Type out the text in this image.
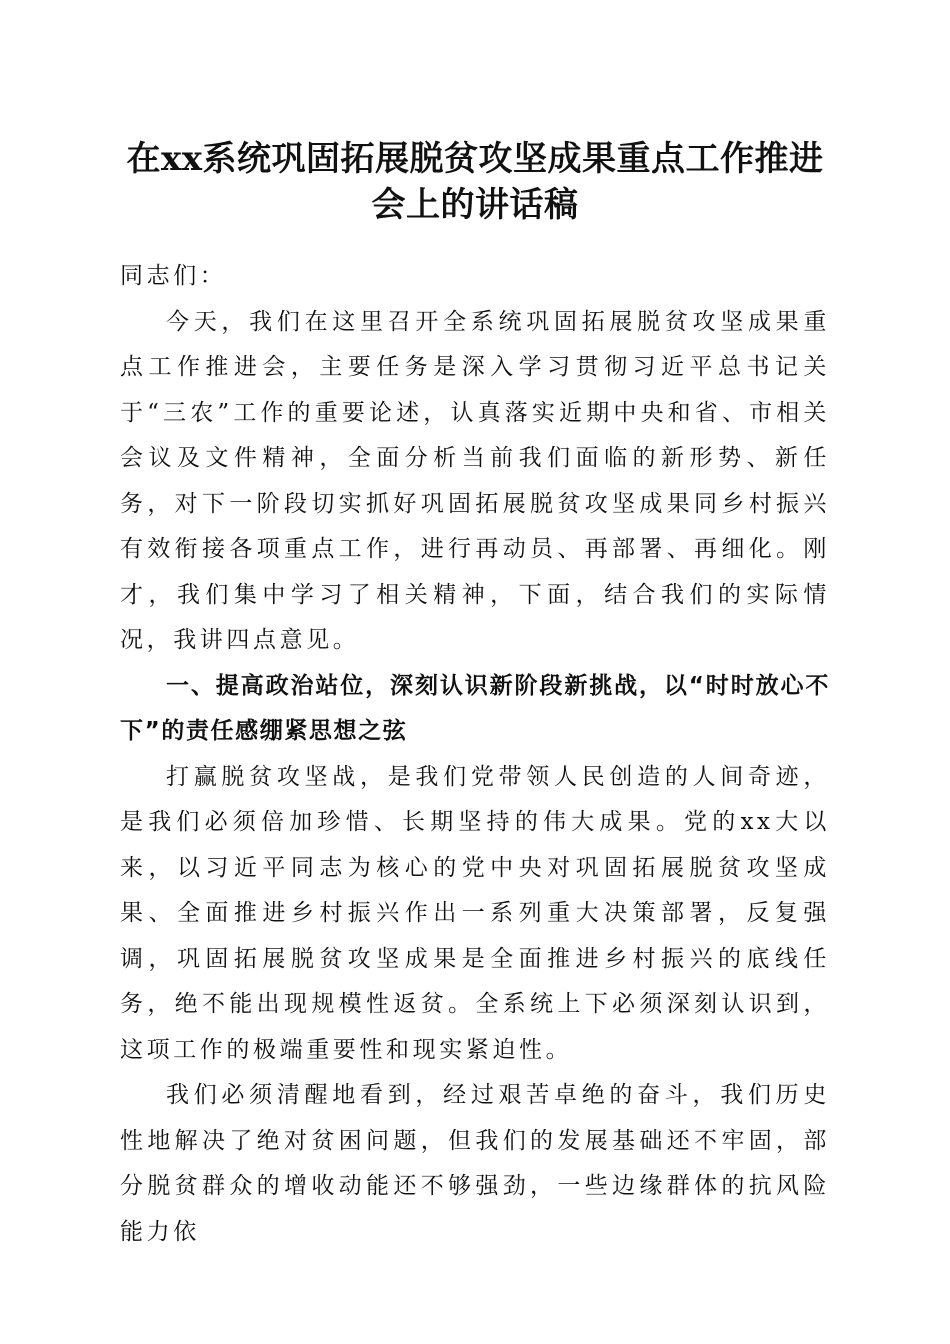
在xx系统巩固拓展脱贫攻坚成果重点工作推进会上的讲话稿

同志们：

今天，我们在这里召开全系统巩固拓展脱贫攻坚成果重点工作推进会，主要任务是深入学习贯彻习近平总书记关于“三农”工作的重要论述，认真落实近期中央和省、市相关会议及文件精神，全面分析当前我们面临的新形势、新任务，对下一阶段切实抓好巩固拓展脱贫攻坚成果同乡村振兴有效衔接各项重点工作，进行再动员、再部署、再细化。刚才，我们集中学习了相关精神，下面，结合我们的实际情况，我讲四点意见。

一、提高政治站位，深刻认识新阶段新挑战，以“时时放心不下”的责任感绷紧思想之弦

打赢脱贫攻坚战，是我们党带领人民创造的人间奇迹，是我们必须倍加珍惜、长期坚持的伟大成果。党的xx大以来，以习近平同志为核心的党中央对巩固拓展脱贫攻坚成果、全面推进乡村振兴作出一系列重大决策部署，反复强调，巩固拓展脱贫攻坚成果是全面推进乡村振兴的底线任务，绝不能出现规模性返贫。全系统上下必须深刻认识到，这项工作的极端重要性和现实紧迫性。

我们必须清醒地看到，经过艰苦卓绝的奋斗，我们历史性地解决了绝对贫困问题，但我们的发展基础还不牢固，部分脱贫群众的增收动能还不够强劲，一些边缘群体的抗风险能力依
